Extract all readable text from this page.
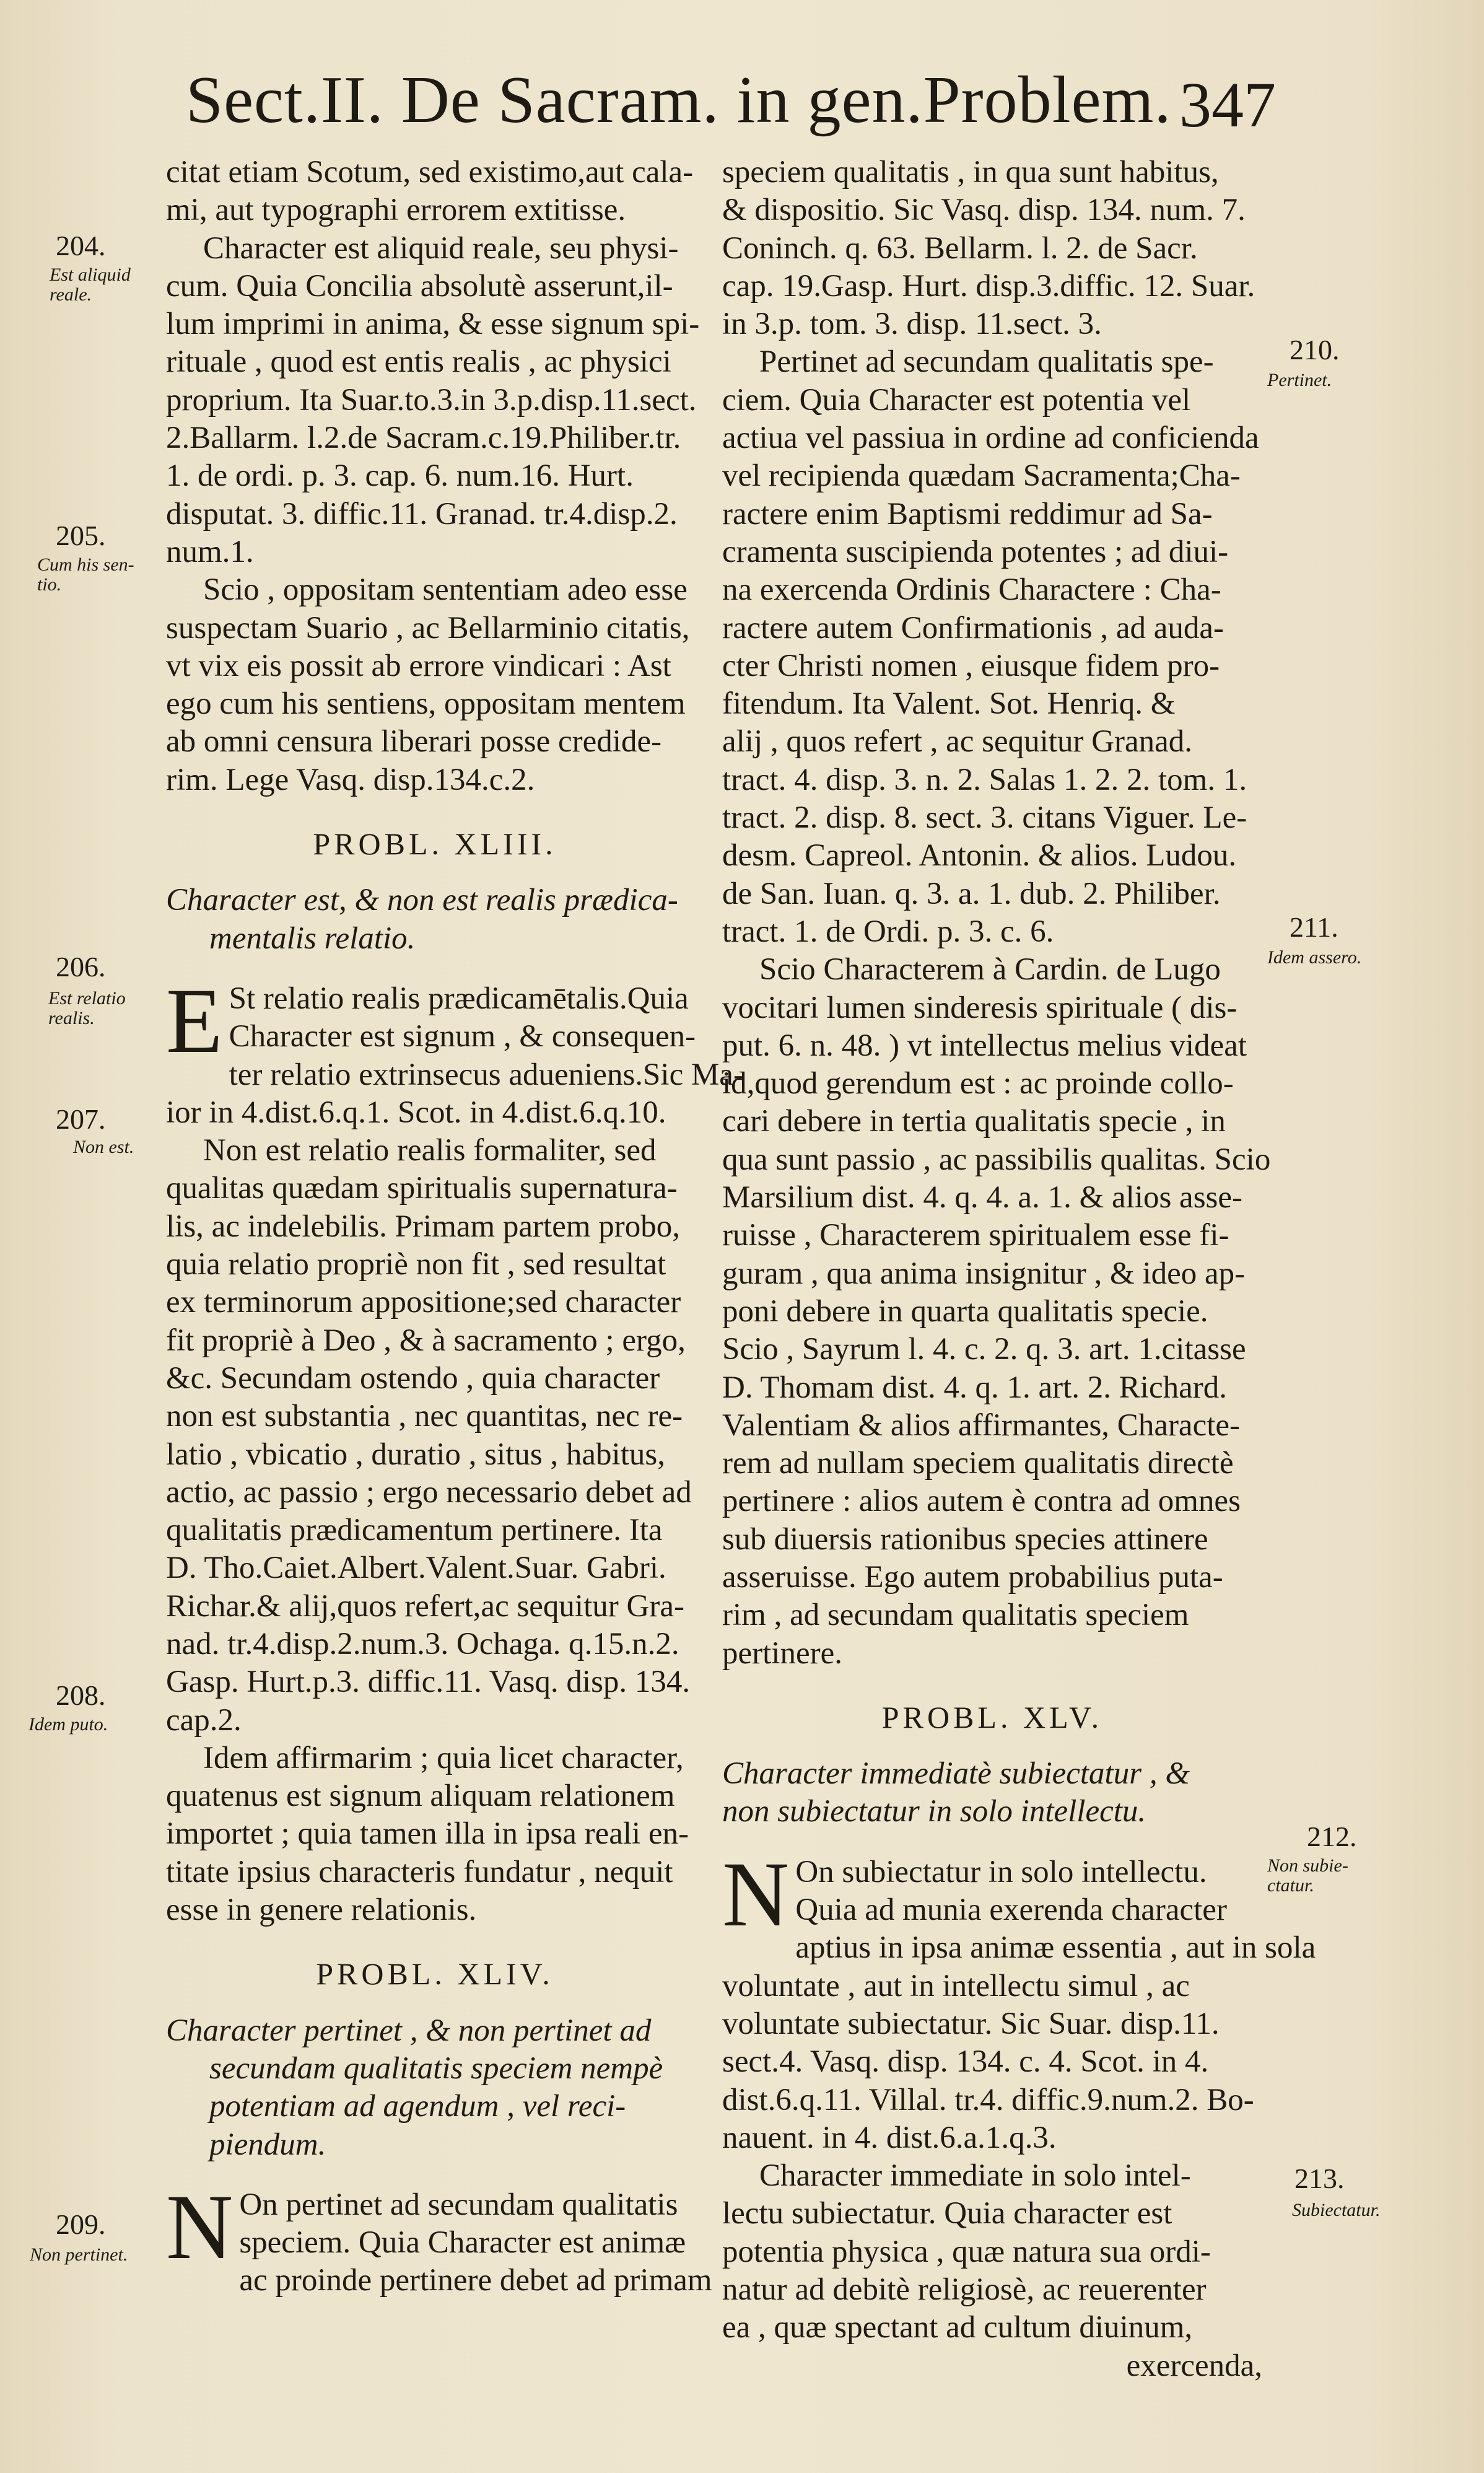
Sect.II. De Sacram. in gen.Problem. 347

citat etiam Scotum, sed existimo,aut cala-
mi, aut typographi errorem extitisse.

Character est aliquid reale, seu physi-
cum. Quia Concilia absolutè asserunt,il-
lum imprimi in anima, & esse signum spi-
rituale , quod est entis realis , ac physici
proprium. Ita Suar.to.3.in 3.p.disp.11.sect.
2.Ballarm. l.2.de Sacram.c.19.Philiber.tr.
1. de ordi. p. 3. cap. 6. num.16. Hurt.
disputat. 3. diffic.11. Granad. tr.4.disp.2.
num.1.

Scio , oppositam sententiam adeo esse
suspectam Suario , ac Bellarminio citatis,
vt vix eis possit ab errore vindicari : Ast
ego cum his sentiens, oppositam mentem
ab omni censura liberari posse credide-
rim. Lege Vasq. disp.134.c.2.

PROBL. XLIII.
Character est, & non est realis prædica-
mentalis relatio.

E St relatio realis prædicamētalis.Quia
Character est signum , & consequen-
ter relatio extrinsecus adueniens.Sic Ma-
ior in 4.dist.6.q.1. Scot. in 4.dist.6.q.10.

Non est relatio realis formaliter, sed
qualitas quædam spiritualis supernatura-
lis, ac indelebilis. Primam partem probo,
quia relatio propriè non fit , sed resultat
ex terminorum appositione;sed character
fit propriè à Deo , & à sacramento ; ergo,
&c. Secundam ostendo , quia character
non est substantia , nec quantitas, nec re-
latio , vbicatio , duratio , situs , habitus,
actio, ac passio ; ergo necessario debet ad
qualitatis prædicamentum pertinere. Ita
D. Tho.Caiet.Albert.Valent.Suar. Gabri.
Richar.& alij,quos refert,ac sequitur Gra-
nad. tr.4.disp.2.num.3. Ochaga. q.15.n.2.
Gasp. Hurt.p.3. diffic.11. Vasq. disp. 134.
cap.2.

Idem affirmarim ; quia licet character,
quatenus est signum aliquam relationem
importet ; quia tamen illa in ipsa reali en-
titate ipsius characteris fundatur , nequit
esse in genere relationis.

PROBL. XLIV.
Character pertinet , & non pertinet ad
secundam qualitatis speciem nempè
potentiam ad agendum , vel reci-
piendum.

N On pertinet ad secundam qualitatis
speciem. Quia Character est animæ
ac proinde pertinere debet ad primam

speciem qualitatis , in qua sunt habitus,
& dispositio. Sic Vasq. disp. 134. num. 7.
Coninch. q. 63. Bellarm. l. 2. de Sacr.
cap. 19.Gasp. Hurt. disp.3.diffic. 12. Suar.
in 3.p. tom. 3. disp. 11.sect. 3.

Pertinet ad secundam qualitatis spe-
ciem. Quia Character est potentia vel
actiua vel passiua in ordine ad conficienda
vel recipienda quædam Sacramenta;Cha-
ractere enim Baptismi reddimur ad Sa-
cramenta suscipienda potentes ; ad diui-
na exercenda Ordinis Charactere : Cha-
ractere autem Confirmationis , ad auda-
cter Christi nomen , eiusque fidem pro-
fitendum. Ita Valent. Sot. Henriq. &
alij , quos refert , ac sequitur Granad.
tract. 4. disp. 3. n. 2. Salas 1. 2. 2. tom. 1.
tract. 2. disp. 8. sect. 3. citans Viguer. Le-
desm. Capreol. Antonin. & alios. Ludou.
de San. Iuan. q. 3. a. 1. dub. 2. Philiber.
tract. 1. de Ordi. p. 3. c. 6.

Scio Characterem à Cardin. de Lugo
vocitari lumen sinderesis spirituale ( dis-
put. 6. n. 48. ) vt intellectus melius videat
id,quod gerendum est : ac proinde collo-
cari debere in tertia qualitatis specie , in
qua sunt passio , ac passibilis qualitas. Scio
Marsilium dist. 4. q. 4. a. 1. & alios asse-
ruisse , Characterem spiritualem esse fi-
guram , qua anima insignitur , & ideo ap-
poni debere in quarta qualitatis specie.
Scio , Sayrum l. 4. c. 2. q. 3. art. 1.citasse
D. Thomam dist. 4. q. 1. art. 2. Richard.
Valentiam & alios affirmantes, Characte-
rem ad nullam speciem qualitatis directè
pertinere : alios autem è contra ad omnes
sub diuersis rationibus species attinere
asseruisse. Ego autem probabilius puta-
rim , ad secundam qualitatis speciem
pertinere.

PROBL. XLV.
Character immediatè subiectatur , &
non subiectatur in solo intellectu.

N On subiectatur in solo intellectu.
Quia ad munia exerenda character
aptius in ipsa animæ essentia , aut in sola
voluntate , aut in intellectu simul , ac
voluntate subiectatur. Sic Suar. disp.11.
sect.4. Vasq. disp. 134. c. 4. Scot. in 4.
dist.6.q.11. Villal. tr.4. diffic.9.num.2. Bo-
nauent. in 4. dist.6.a.1.q.3.

Character immediate in solo intel-
lectu subiectatur. Quia character est
potentia physica , quæ natura sua ordi-
natur ad debitè religiosè, ac reuerenter
ea , quæ spectant ad cultum diuinum,
exercenda,

204.
Est aliquid reale.
205.
Cum his sen-tio.
206.
Est relatio realis.
207.
Non est.
208.
Idem puto.
209.
Non pertinet.
210.
Pertinet.
211.
Idem assero.
212.
Non subie-ctatur.
213.
Subiectatur.
